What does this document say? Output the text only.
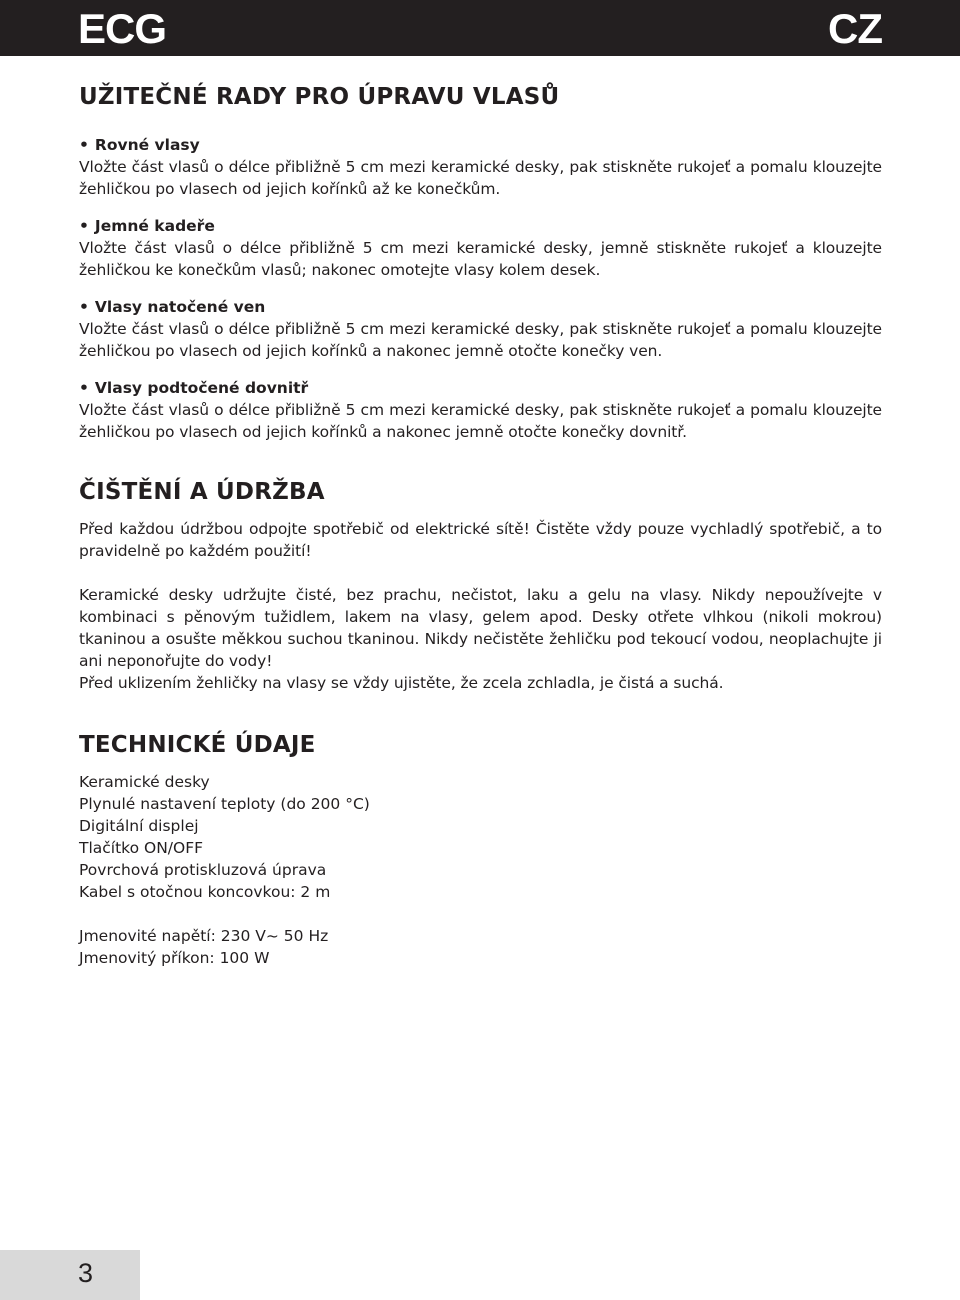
ECG	CZ
UŽITEČNÉ RADY PRO ÚPRAVU VLASŮ
• Rovné vlasy

Vložte část vlasů o délce přibližně 5 cm mezi keramické desky, pak stiskněte rukojeť a pomalu klouzejte žehličkou po vlasech od jejich kořínků až ke konečkům.

• Jemné kadeře

Vložte část vlasů o délce přibližně 5 cm mezi keramické desky, jemně stiskněte rukojeť a klouzejte žehličkou ke konečkům vlasů; nakonec omotejte vlasy kolem desek.

• Vlasy natočené ven

Vložte část vlasů o délce přibližně 5 cm mezi keramické desky, pak stiskněte rukojeť a pomalu klouzejte žehličkou po vlasech od jejich kořínků a nakonec jemně otočte konečky ven.

• Vlasy podtočené dovnitř

Vložte část vlasů o délce přibližně 5 cm mezi keramické desky, pak stiskněte rukojeť a pomalu klouzejte žehličkou po vlasech od jejich kořínků a nakonec jemně otočte konečky dovnitř.

ČIŠTĚNÍ A ÚDRŽBA

Před každou údržbou odpojte spotřebič od elektrické sítě! Čistěte vždy pouze vychladlý spotřebič, a to pravidelně po každém použití!

Keramické desky udržujte čisté, bez prachu, nečistot, laku a gelu na vlasy. Nikdy nepoužívejte v kombinaci s pěnovým tužidlem, lakem na vlasy, gelem apod. Desky otřete vlhkou (nikoli mokrou) tkaninou a osušte měkkou suchou tkaninou. Nikdy nečistěte žehličku pod tekoucí vodou, neoplachujte ji ani neponořujte do vody!

Před uklizením žehličky na vlasy se vždy ujistěte, že zcela zchladla, je čistá a suchá.

TECHNICKÉ ÚDAJE
Keramické desky
Plynulé nastavení teploty (do 200 °C)
Digitální displej
Tlačítko ON/OFF
Povrchová protiskluzová úprava
Kabel s otočnou koncovkou: 2 m
Jmenovité napětí: 230 V~ 50 Hz
Jmenovitý příkon: 100 W
3
